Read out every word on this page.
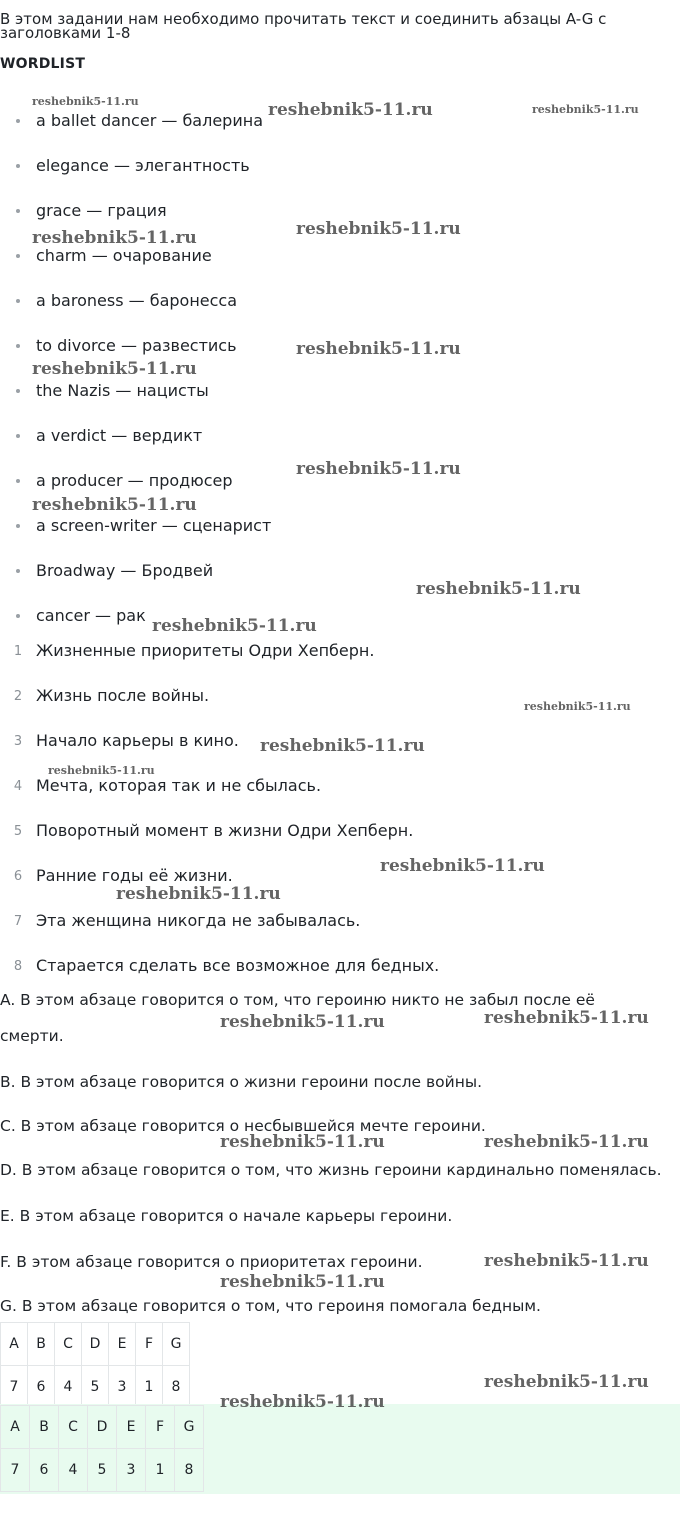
В этом задании нам необходимо прочитать текст и соединить абзацы A-G с
заголовками 1-8
WORDLIST
a ballet dancer — балерина
elegance — элегантность
grace — грация
charm — очарование
a baroness — баронесса
to divorce — развестись
the Nazis — нацисты
a verdict — вердикт
a producer — продюсер
a screen-writer — сценарист
Broadway — Бродвей
cancer — рак
1 Жизненные приоритеты Одри Хепберн.
2 Жизнь после войны.
3 Начало карьеры в кино.
4 Мечта, которая так и не сбылась.
5 Поворотный момент в жизни Одри Хепберн.
6 Ранние годы её жизни.
7 Эта женщина никогда не забывалась.
8 Старается сделать все возможное для бедных.
A. В этом абзаце говорится о том, что героиню никто не забыл после её
смерти.
B. В этом абзаце говорится о жизни героини после войны.
C. В этом абзаце говорится о несбывшейся мечте героини.
D. В этом абзаце говорится о том, что жизнь героини кардинально поменялась.
E. В этом абзаце говорится о начале карьеры героини.
F. В этом абзаце говорится о приоритетах героини.
G. В этом абзаце говорится о том, что героиня помогала бедным.
A	B	C	D	E	F	G
7	6	4	5	3	1	8
A	B	C	D	E	F	G
7	6	4	5	3	1	8
reshebnik5-11.ru	reshebnik5-11.ru	reshebnik5-11.ru
reshebnik5-11.ru
reshebnik5-11.ru
reshebnik5-11.ru
reshebnik5-11.ru
reshebnik5-11.ru
reshebnik5-11.ru
reshebnik5-11.ru
reshebnik5-11.ru
reshebnik5-11.ru
reshebnik5-11.ru
reshebnik5-11.ru
reshebnik5-11.ru
reshebnik5-11.ru
reshebnik5-11.ru
reshebnik5-11.ru
reshebnik5-11.ru	reshebnik5-11.ru
reshebnik5-11.ru
reshebnik5-11.ru
reshebnik5-11.ru
reshebnik5-11.ru
